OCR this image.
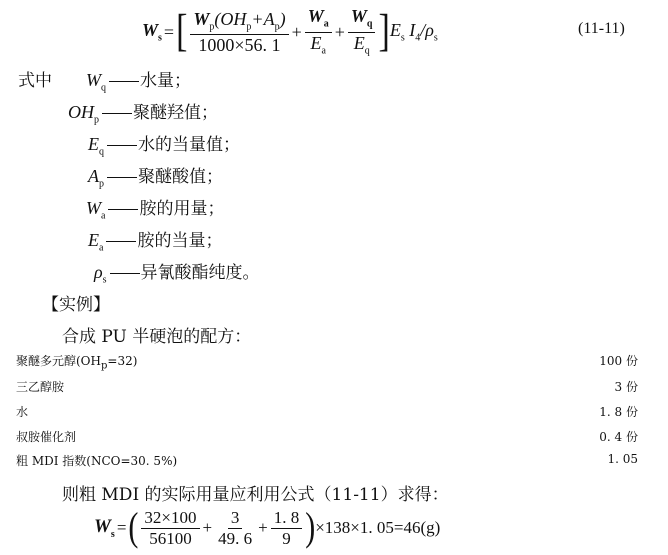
$W_s$ = [ $\frac{W_p(OH_p+A_p)}{1000\times 56. 1} + \frac{W_a}{E_a} + \frac{W_q}{E_q}$ ] $E_s$ $I_4/\rho_s$
(11-11)
式中 $W_q$ 水量；
$OH_p$ 聚醚羟值；
$E_q$ 水的当量值；
$A_p$ 聚醚酸值；
$W_a$ 胺的用量；
$E_a$ 胺的当量；
$\rho_s$ 异氰酸酯纯度。
【实例】
合成 PU 半硬泡的配方：
聚醚多元醇$(OH_p=32)$	100 份
三乙醇胺	3 份
水	1. 8 份
叔胺催化剂	0. 4 份
粗 MDI 指数(NCO=30. 5%)	1. 05
则粗 MDI 的实际用量应利用公式（11-11）求得：
$W_s$ = ( $\frac{32\times 100}{56100} + \frac{3}{49. 6} + \frac{1. 8}{9}$ ) ×138×1. 05=46(g)
